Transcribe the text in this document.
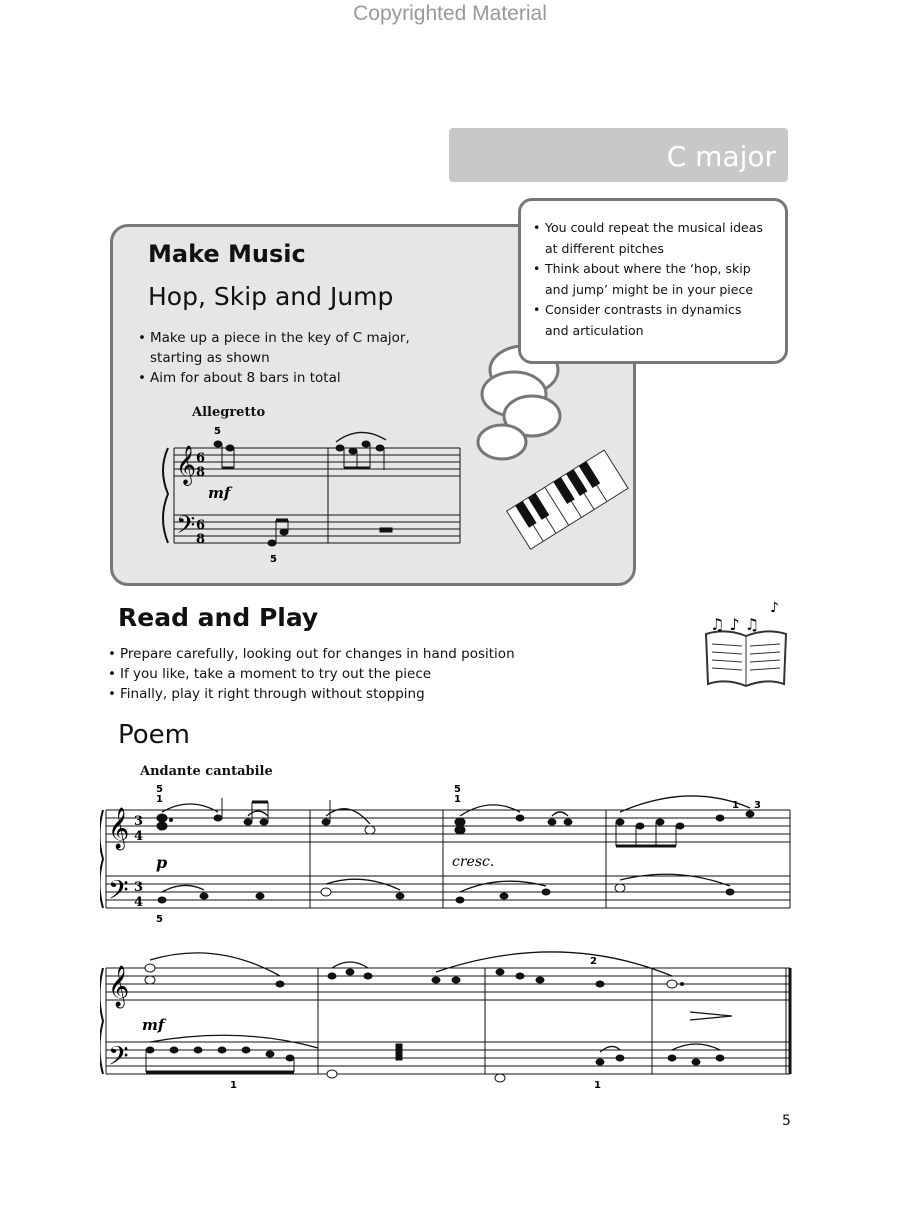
Copyrighted Material
C major
Make Music
Hop, Skip and Jump
• Make up a piece in the key of C major,
starting as shown
• Aim for about 8 bars in total
Allegretto
𝄞
𝄢
6
8
6
8
5
5
mf
• You could repeat the musical ideas
at different pitches
• Think about where the ‘hop, skip
and jump’ might be in your piece
• Consider contrasts in dynamics
and articulation
Read and Play
• Prepare carefully, looking out for changes in hand position
• If you like, take a moment to try out the piece
• Finally, play it right through without stopping
♫ ♪ ♫
♪
Poem
Andante cantabile
𝄞
𝄢
3
4
3
4
5
1
5
5
1
1 3
p	cresc.
𝄞
𝄢
mf
2
1	1
5
